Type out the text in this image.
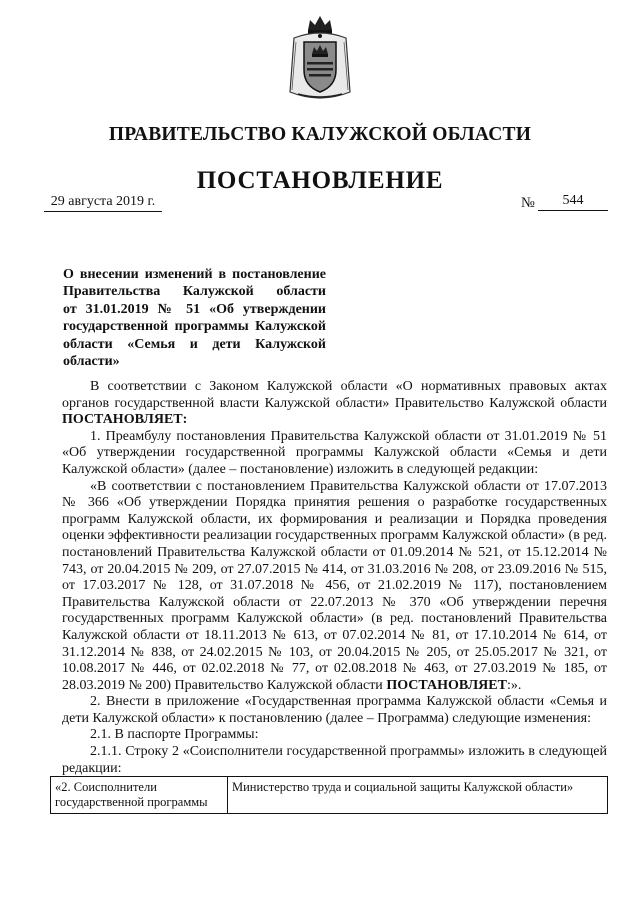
ПРАВИТЕЛЬСТВО КАЛУЖСКОЙ ОБЛАСТИ
ПОСТАНОВЛЕНИЕ
29 августа 2019 г.	№	544
О внесении изменений в постановление
Правительства Калужской области
от 31.01.2019 № 51 «Об утверждении
государственной программы Калужской
области «Семья и дети Калужской
области»

В соответствии с Законом Калужской области «О нормативных правовых актах органов государственной власти Калужской области» Правительство Калужской области ПОСТАНОВЛЯЕТ:

1. Преамбулу постановления Правительства Калужской области от 31.01.2019 № 51 «Об утверждении государственной программы Калужской области «Семья и дети Калужской области» (далее – постановление) изложить в следующей редакции:

«В соответствии с постановлением Правительства Калужской области от 17.07.2013 № 366 «Об утверждении Порядка принятия решения о разработке государственных программ Калужской области, их формирования и реализации и Порядка проведения оценки эффективности реализации государственных программ Калужской области» (в ред. постановлений Правительства Калужской области от 01.09.2014 № 521, от 15.12.2014 № 743, от 20.04.2015 № 209, от 27.07.2015 № 414, от 31.03.2016 № 208, от 23.09.2016 № 515, от 17.03.2017 № 128, от 31.07.2018 № 456, от 21.02.2019 № 117), постановлением Правительства Калужской области от 22.07.2013 № 370 «Об утверждении перечня государственных программ Калужской области» (в ред. постановлений Правительства Калужской области от 18.11.2013 № 613, от 07.02.2014 № 81, от 17.10.2014 № 614, от 31.12.2014 № 838, от 24.02.2015 № 103, от 20.04.2015 № 205, от 25.05.2017 № 321, от 10.08.2017 № 446, от 02.02.2018 № 77, от 02.08.2018 № 463, от 27.03.2019 № 185, от 28.03.2019 № 200) Правительство Калужской области ПОСТАНОВЛЯЕТ:».

2. Внести в приложение «Государственная программа Калужской области «Семья и дети Калужской области» к постановлению (далее – Программа) следующие изменения:

2.1. В паспорте Программы:

2.1.1. Строку 2 «Соисполнители государственной программы» изложить в следующей редакции:

«2. Соисполнители государственной программы	Министерство труда и социальной защиты Калужской области»
